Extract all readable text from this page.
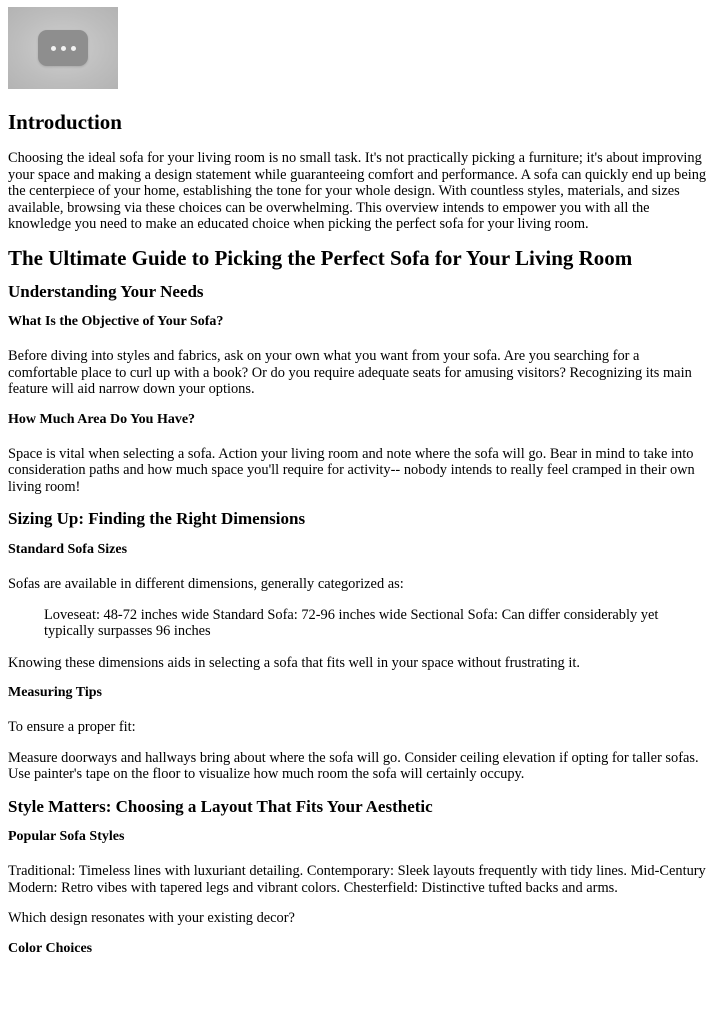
Introduction

Choosing the ideal sofa for your living room is no small task. It's not practically picking a furniture; it's about improving your space and making a design statement while guaranteeing comfort and performance. A sofa can quickly end up being the centerpiece of your home, establishing the tone for your whole design. With countless styles, materials, and sizes available, browsing via these choices can be overwhelming. This overview intends to empower you with all the knowledge you need to make an educated choice when picking the perfect sofa for your living room.

The Ultimate Guide to Picking the Perfect Sofa for Your Living Room
Understanding Your Needs
What Is the Objective of Your Sofa?

Before diving into styles and fabrics, ask on your own what you want from your sofa. Are you searching for a comfortable place to curl up with a book? Or do you require adequate seats for amusing visitors? Recognizing its main feature will aid narrow down your options.

How Much Area Do You Have?

Space is vital when selecting a sofa. Action your living room and note where the sofa will go. Bear in mind to take into consideration paths and how much space you'll require for activity-- nobody intends to really feel cramped in their own living room!

Sizing Up: Finding the Right Dimensions
Standard Sofa Sizes

Sofas are available in different dimensions, generally categorized as:

Loveseat: 48-72 inches wide Standard Sofa: 72-96 inches wide Sectional Sofa: Can differ considerably yet typically surpasses 96 inches

Knowing these dimensions aids in selecting a sofa that fits well in your space without frustrating it.

Measuring Tips

To ensure a proper fit:

Measure doorways and hallways bring about where the sofa will go. Consider ceiling elevation if opting for taller sofas. Use painter's tape on the floor to visualize how much room the sofa will certainly occupy.

Style Matters: Choosing a Layout That Fits Your Aesthetic
Popular Sofa Styles

Traditional: Timeless lines with luxuriant detailing. Contemporary: Sleek layouts frequently with tidy lines. Mid-Century Modern: Retro vibes with tapered legs and vibrant colors. Chesterfield: Distinctive tufted backs and arms.

Which design resonates with your existing decor?

Color Choices
